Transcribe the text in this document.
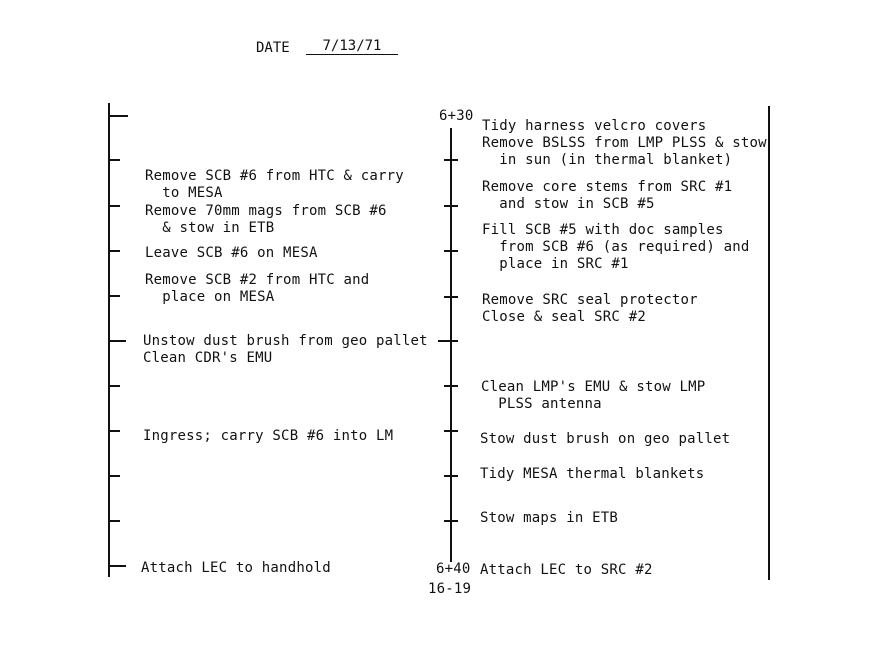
DATE	7/13/71
6+30
6+40
16-19
Remove SCB #6 from HTC & carry
to MESA
Remove 70mm mags from SCB #6
& stow in ETB
Leave SCB #6 on MESA
Remove SCB #2 from HTC and
place on MESA
Unstow dust brush from geo pallet
Clean CDR's EMU
Ingress; carry SCB #6 into LM
Attach LEC to handhold
Tidy harness velcro covers
Remove BSLSS from LMP PLSS & stow
in sun (in thermal blanket)
Remove core stems from SRC #1
and stow in SCB #5
Fill SCB #5 with doc samples
from SCB #6 (as required) and
place in SRC #1
Remove SRC seal protector
Close & seal SRC #2
Clean LMP's EMU & stow LMP
PLSS antenna
Stow dust brush on geo pallet
Tidy MESA thermal blankets
Stow maps in ETB
Attach LEC to SRC #2
